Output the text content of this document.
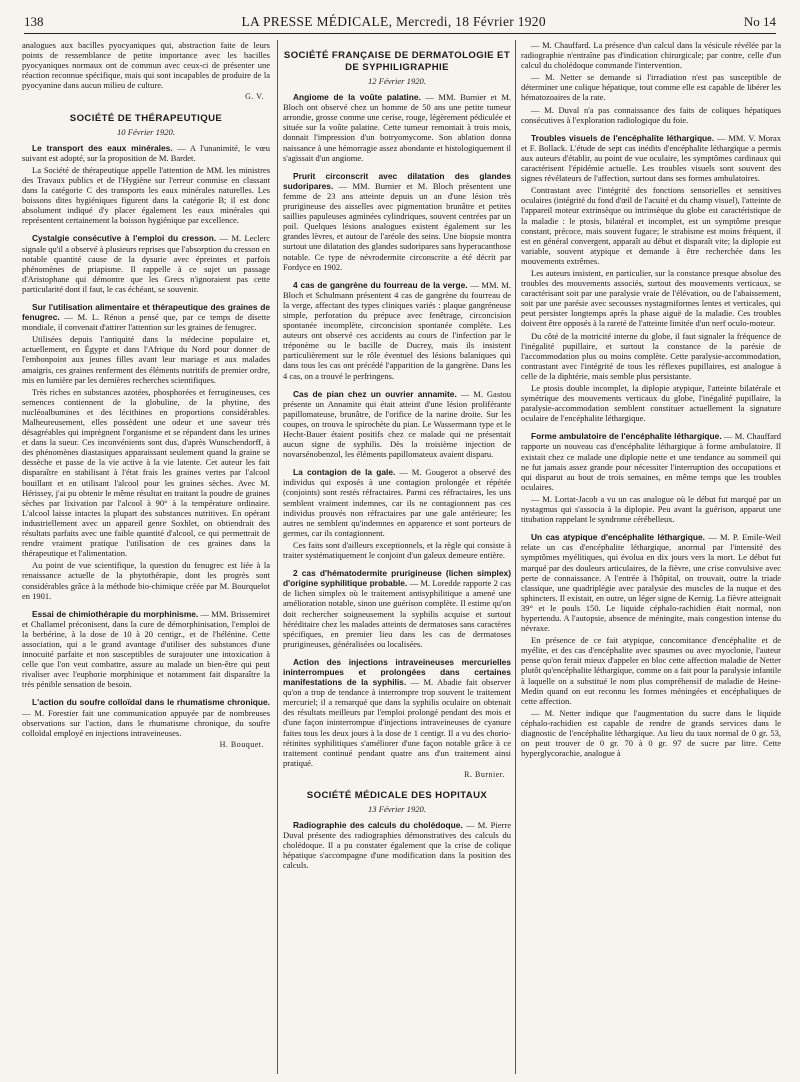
138	LA PRESSE MÉDICALE, Mercredi, 18 Février 1920	No 14

analogues aux bacilles pyocyaniques qui, abstraction faite de leurs points de ressemblance de petite importance avec les bacilles pyocyaniques normaux ont de commun avec ceux-ci de présenter une réaction reconnue spécifique, mais qui sont incapables de produire de la pyocyanine dans aucun milieu de culture.

G. V.
SOCIÉTÉ DE THÉRAPEUTIQUE
10 Février 1920.

Le transport des eaux minérales. — A l'unanimité, le vœu suivant est adopté, sur la proposition de M. Bardet.

La Société de thérapeutique appelle l'attention de MM. les ministres des Travaux publics et de l'Hygiène sur l'erreur commise en classant dans la catégorie C des transports les eaux minérales naturelles. Les boissons dites hygiéniques figurent dans la catégorie B; il est donc absolument indiqué d'y placer également les eaux minérales qui représentent certainement la boisson hygiénique par excellence.

Cystalgie consécutive à l'emploi du cresson. — M. Leclerc signale qu'il a observé à plusieurs reprises que l'absorption du cresson en notable quantité cause de la dysurie avec épreintes et parfois phénomènes de priapisme. Il rappelle à ce sujet un passage d'Aristophane qui démontre que les Grecs n'ignoraient pas cette particularité dont il faut, le cas échéant, se souvenir.

Sur l'utilisation alimentaire et thérapeutique des graines de fenugrec. — M. L. Rénon a pensé que, par ce temps de disette mondiale, il convenait d'attirer l'attention sur les graines de fenugrec.

Utilisées depuis l'antiquité dans la médecine populaire et, actuellement, en Égypte et dans l'Afrique du Nord pour donner de l'embonpoint aux jeunes filles avant leur mariage et aux malades amaigris, ces graines renferment des éléments nutritifs de premier ordre, mis en lumière par les dernières recherches scientifiques.

Très riches en substances azotées, phosphorées et ferrugineuses, ces semences contiennent de la globuline, de la phytine, des nucléoalbumines et des lécithines en proportions considérables. Malheureusement, elles possèdent une odeur et une saveur très désagréables qui imprègnent l'organisme et se répandent dans les urines et dans la sueur. Ces inconvénients sont dus, d'après Wunschendorff, à des phénomènes diastasiques apparaissant seulement quand la graine se dessèche et passe de la vie active à la vie latente. Cet auteur les fait disparaître en stabilisant à l'état frais les graines vertes par l'alcool bouillant et en utilisant l'alcool pour les graines sèches. Avec M. Hérissey, j'ai pu obtenir le même résultat en traitant la poudre de graines sèches par lixivation par l'alcool à 90° à la température ordinaire. L'alcool laisse intactes la plupart des substances nutritives. En opérant industriellement avec un appareil genre Soxhlet, on obtiendrait des résultats parfaits avec une faible quantité d'alcool, ce qui permettrait de rendre vraiment pratique l'utilisation de ces graines dans la thérapeutique et l'alimentation.

Au point de vue scientifique, la question du fenugrec est liée à la renaissance actuelle de la phytothérapie, dont les progrès sont considérables grâce à la méthode bio-chimique créée par M. Bourquelot en 1901.

Essai de chimiothérapie du morphinisme. — MM. Brissemiret et Challamel préconisent, dans la cure de démorphinisation, l'emploi de la berbérine, à la dose de 10 à 20 centigr., et de l'hélénine. Cette association, qui a le grand avantage d'utiliser des substances d'une innocuité parfaite et non susceptibles de surajouter une intoxication à celle que l'on veut combattre, assure au malade un bien-être qui peut rivaliser avec l'euphorie morphinique et notamment fait disparaître la très pénible sensation de besoin.

L'action du soufre colloïdal dans le rhumatisme chronique. — M. Forestier fait une communication appuyée par de nombreuses observations sur l'action, dans le rhumatisme chronique, du soufre colloïdal employé en injections intraveineuses.

H. Bouquet.
SOCIÉTÉ FRANÇAISE DE DERMATOLOGIE ET DE SYPHILIGRAPHIE
12 Février 1920.

Angiome de la voûte palatine. — MM. Burnier et M. Bloch ont observé chez un homme de 50 ans une petite tumeur arrondie, grosse comme une cerise, rouge, légèrement pédiculée et située sur la voûte palatine. Cette tumeur remontait à trois mois, donnait l'impression d'un botryomycome. Son ablation donna naissance à une hémorragie assez abondante et histologiquement il s'agissait d'un angiome.

Prurit circonscrit avec dilatation des glandes sudoripares. — MM. Burnier et M. Bloch présentent une femme de 23 ans atteinte depuis un an d'une lésion très prurigineuse des aisselles avec pigmentation brunâtre et petites saillies papuleuses agminées cylindriques, souvent centrées par un poil. Quelques lésions analogues existent également sur les grandes lèvres, et autour de l'aréole des seins. Une biopsie montra surtout une dilatation des glandes sudoripares sans hyperacanthose notable. Ce type de névrodermite circonscrite a été décrit par Fordyce en 1902.

4 cas de gangrène du fourreau de la verge. — MM. M. Bloch et Schulmann présentent 4 cas de gangrène du fourreau de la verge, affectant des types cliniques variés : plaque gangréneuse simple, perforation du prépuce avec fenêtrage, circoncision spontanée incomplète, circoncision spontanée complète. Les auteurs ont observé ces accidents au cours de l'infection par le tréponème ou le bacille de Ducrey, mais ils insistent particulièrement sur le rôle éventuel des lésions balaniques qui dans tous les cas ont précédé l'apparition de la gangrène. Dans les 4 cas, on a trouvé le perfringens.

Cas de pian chez un ouvrier annamite. — M. Gastou présente un Annamite qui était atteint d'une lésion proliférante papillomateuse, brunâtre, de l'orifice de la narine droite. Sur les coupes, on trouva le spirochète du pian. Le Wassermann type et le Hecht-Bauer étaient positifs chez ce malade qui ne présentait aucun signe de syphilis. Dès la troisième injection de novarsénobenzol, les éléments papillomateux avaient disparu.

La contagion de la gale. — M. Gougerot a observé des individus qui exposés à une contagion prolongée et répétée (conjoints) sont restés réfractaires. Parmi ces réfractaires, les uns semblent vraiment indemnes, car ils ne contagionnent pas ces individus prouvés non réfractaires par une gale antérieure; les autres ne semblent qu'indemnes en apparence et sont porteurs de germes, car ils contagionnent.

Ces faits sont d'ailleurs exceptionnels, et la règle qui consiste à traiter systématiquement le conjoint d'un galeux demeure entière.

2 cas d'hématodermite prurigineuse (lichen simplex) d'origine syphilitique probable. — M. Loredde rapporte 2 cas de lichen simplex où le traitement antisyphilitique a amené une amélioration notable, sinon une guérison complète. Il estime qu'on doit rechercher soigneusement la syphilis acquise et surtout héréditaire chez les malades atteints de dermatoses sans caractères spécifiques, en premier lieu dans les cas de dermatoses prurigineuses, généralisées ou localisées.

Action des injections intraveineuses mercurielles ininterrompues et prolongées dans certaines manifestations de la syphilis. — M. Abadie fait observer qu'on a trop de tendance à interrompre trop souvent le traitement mercuriel; il a remarqué que dans la syphilis oculaire on obtenait des résultats meilleurs par l'emploi prolongé pendant des mois et d'une façon ininterrompue d'injections intraveineuses de cyanure faites tous les deux jours à la dose de 1 centigr. Il a vu des chorio-rétinites syphilitiques s'améliorer d'une façon notable grâce à ce traitement continué pendant quatre ans d'un traitement ainsi pratiqué.

R. Burnier.
SOCIÉTÉ MÉDICALE DES HOPITAUX
13 Février 1920.

Radiographie des calculs du cholédoque. — M. Pierre Duval présente des radiographies démonstratives des calculs du cholédoque. Il a pu constater également que la crise de colique hépatique s'accompagne d'une modification dans la position des calculs.

— M. Chauffard. La présence d'un calcul dans la vésicule révélée par la radiographie n'entraîne pas d'indication chirurgicale; par contre, celle d'un calcul du cholédoque commande l'intervention.

— M. Netter se demande si l'irradiation n'est pas susceptible de déterminer une colique hépatique, tout comme elle est capable de libérer les hématozoaires de la rate.

— M. Duval n'a pas connaissance des faits de coliques hépatiques consécutives à l'exploration radiologique du foie.

Troubles visuels de l'encéphalite léthargique. — MM. V. Morax et F. Bollack. L'étude de sept cas inédits d'encéphalite léthargique a permis aux auteurs d'établir, au point de vue oculaire, les symptômes cardinaux qui caractérisent l'épidémie actuelle. Les troubles visuels sont souvent des signes révélateurs de l'affection, surtout dans ses formes ambulatoires.

Contrastant avec l'intégrité des fonctions sensorielles et sensitives oculaires (intégrité du fond d'œil de l'acuité et du champ visuel), l'atteinte de l'appareil moteur extrinsèque ou intrinsèque du globe est caractéristique de la maladie : le ptosis, bilatéral et incomplet, est un symptôme presque constant, précoce, mais souvent fugace; le strabisme est moins fréquent, il est en général convergent, apparaît au début et disparaît vite; la diplopie est variable, souvent atypique et demande à être recherchée dans les mouvements extrêmes.

Les auteurs insistent, en particulier, sur la constance presque absolue des troubles des mouvements associés, surtout des mouvements verticaux, se caractérisant soit par une paralysie vraie de l'élévation, ou de l'abaissement, soit par une parésie avec secousses nystagmiformes lentes et verticales, qui peut persister longtemps après la phase aiguë de la maladie. Ces troubles doivent être opposés à la rareté de l'atteinte limitée d'un nerf oculo-moteur.

Du côté de la motricité interne du globe, il faut signaler la fréquence de l'inégalité pupillaire, et surtout la constance de la parésie de l'accommodation plus ou moins complète. Cette paralysie-accommodation, contrastant avec l'intégrité de tous les réflexes pupillaires, est analogue à celle de la diphtérie, mais semble plus persistante.

Le ptosis double incomplet, la diplopie atypique, l'atteinte bilatérale et symétrique des mouvements verticaux du globe, l'inégalité pupillaire, la paralysie-accommodation semblent constituer actuellement la signature oculaire de l'encéphalite léthargique.

Forme ambulatoire de l'encéphalite léthargique. — M. Chauffard rapporte un nouveau cas d'encéphalite léthargique à forme ambulatoire. Il existait chez ce malade une diplopie nette et une tendance au sommeil qui ne fut jamais assez grande pour nécessiter l'interruption des occupations et qui disparut au bout de trois semaines, en même temps que les troubles oculaires.

— M. Lortat-Jacob a vu un cas analogue où le début fut marqué par un nystagmus qui s'associa à la diplopie. Peu avant la guérison, apparut une titubation rappelant le syndrome cérébelleux.

Un cas atypique d'encéphalite léthargique. — M. P. Emile-Weil relate un cas d'encéphalite léthargique, anormal par l'intensité des symptômes myélitiques, qui évolua en dix jours vers la mort. Le début fut marqué par des douleurs articulaires, de la fièvre, une crise convulsive avec perte de connaissance. A l'entrée à l'hôpital, on trouvait, outre la triade classique, une quadriplégie avec paralysie des muscles de la nuque et des sphincters. Il existait, en outre, un léger signe de Kernig. La fièvre atteignait 39° et le pouls 150. Le liquide céphalo-rachidien était normal, non hypertendu. A l'autopsie, absence de méningite, mais congestion intense du névraxe.

En présence de ce fait atypique, concomitance d'encéphalite et de myélite, et des cas d'encéphalite avec spasmes ou avec myoclonie, l'auteur pense qu'on ferait mieux d'appeler en bloc cette affection maladie de Netter plutôt qu'encéphalite léthargique, comme on a fait pour la paralysie infantile à laquelle on a substitué le nom plus compréhensif de maladie de Heine-Medin quand on eut reconnu les formes méningées et encéphaliques de cette affection.

— M. Netter indique que l'augmentation du sucre dans le liquide céphalo-rachidien est capable de rendre de grands services dans le diagnostic de l'encéphalite léthargique. Au lieu du taux normal de 0 gr. 53, on peut trouver de 0 gr. 70 à 0 gr. 97 de sucre par litre. Cette hyperglycorachie, analogue à
